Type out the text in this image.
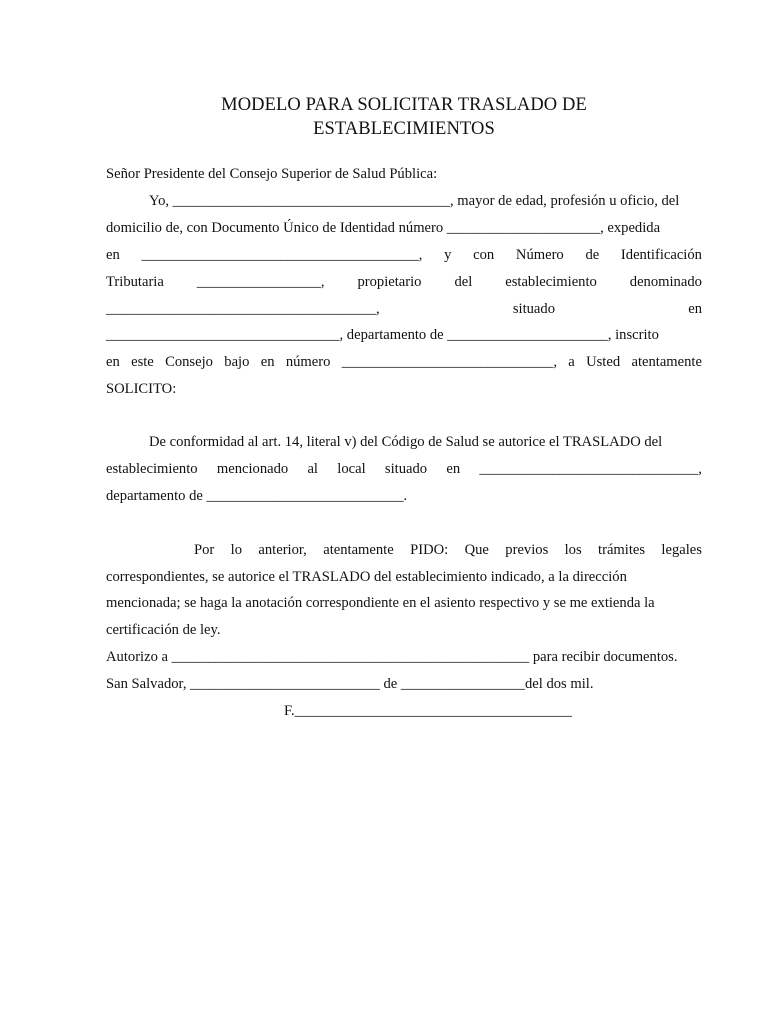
MODELO PARA SOLICITAR TRASLADO DE
ESTABLECIMIENTOS
Señor Presidente del Consejo Superior de Salud Pública:
Yo, ______________________________________, mayor de edad, profesión u oficio, del
domicilio de, con Documento Único de Identidad número _____________________, expedida
en ______________________________________, y con Número de Identificación
Tributaria _________________, propietario del establecimiento denominado
_____________________________________,	situado	en
________________________________, departamento de ______________________, inscrito
en este Consejo bajo en número _____________________________, a Usted atentamente
SOLICITO:
De conformidad al art. 14, literal v) del Código de Salud se autorice el TRASLADO del
establecimiento mencionado al local situado en ______________________________,
departamento de ___________________________.
Por lo anterior, atentamente PIDO: Que previos los trámites legales
correspondientes, se autorice el TRASLADO del establecimiento indicado, a la dirección
mencionada; se haga la anotación correspondiente en el asiento respectivo y se me extienda la
certificación de ley.
Autorizo a _________________________________________________ para recibir documentos.
San Salvador, __________________________ de _________________del dos mil.
F.______________________________________
